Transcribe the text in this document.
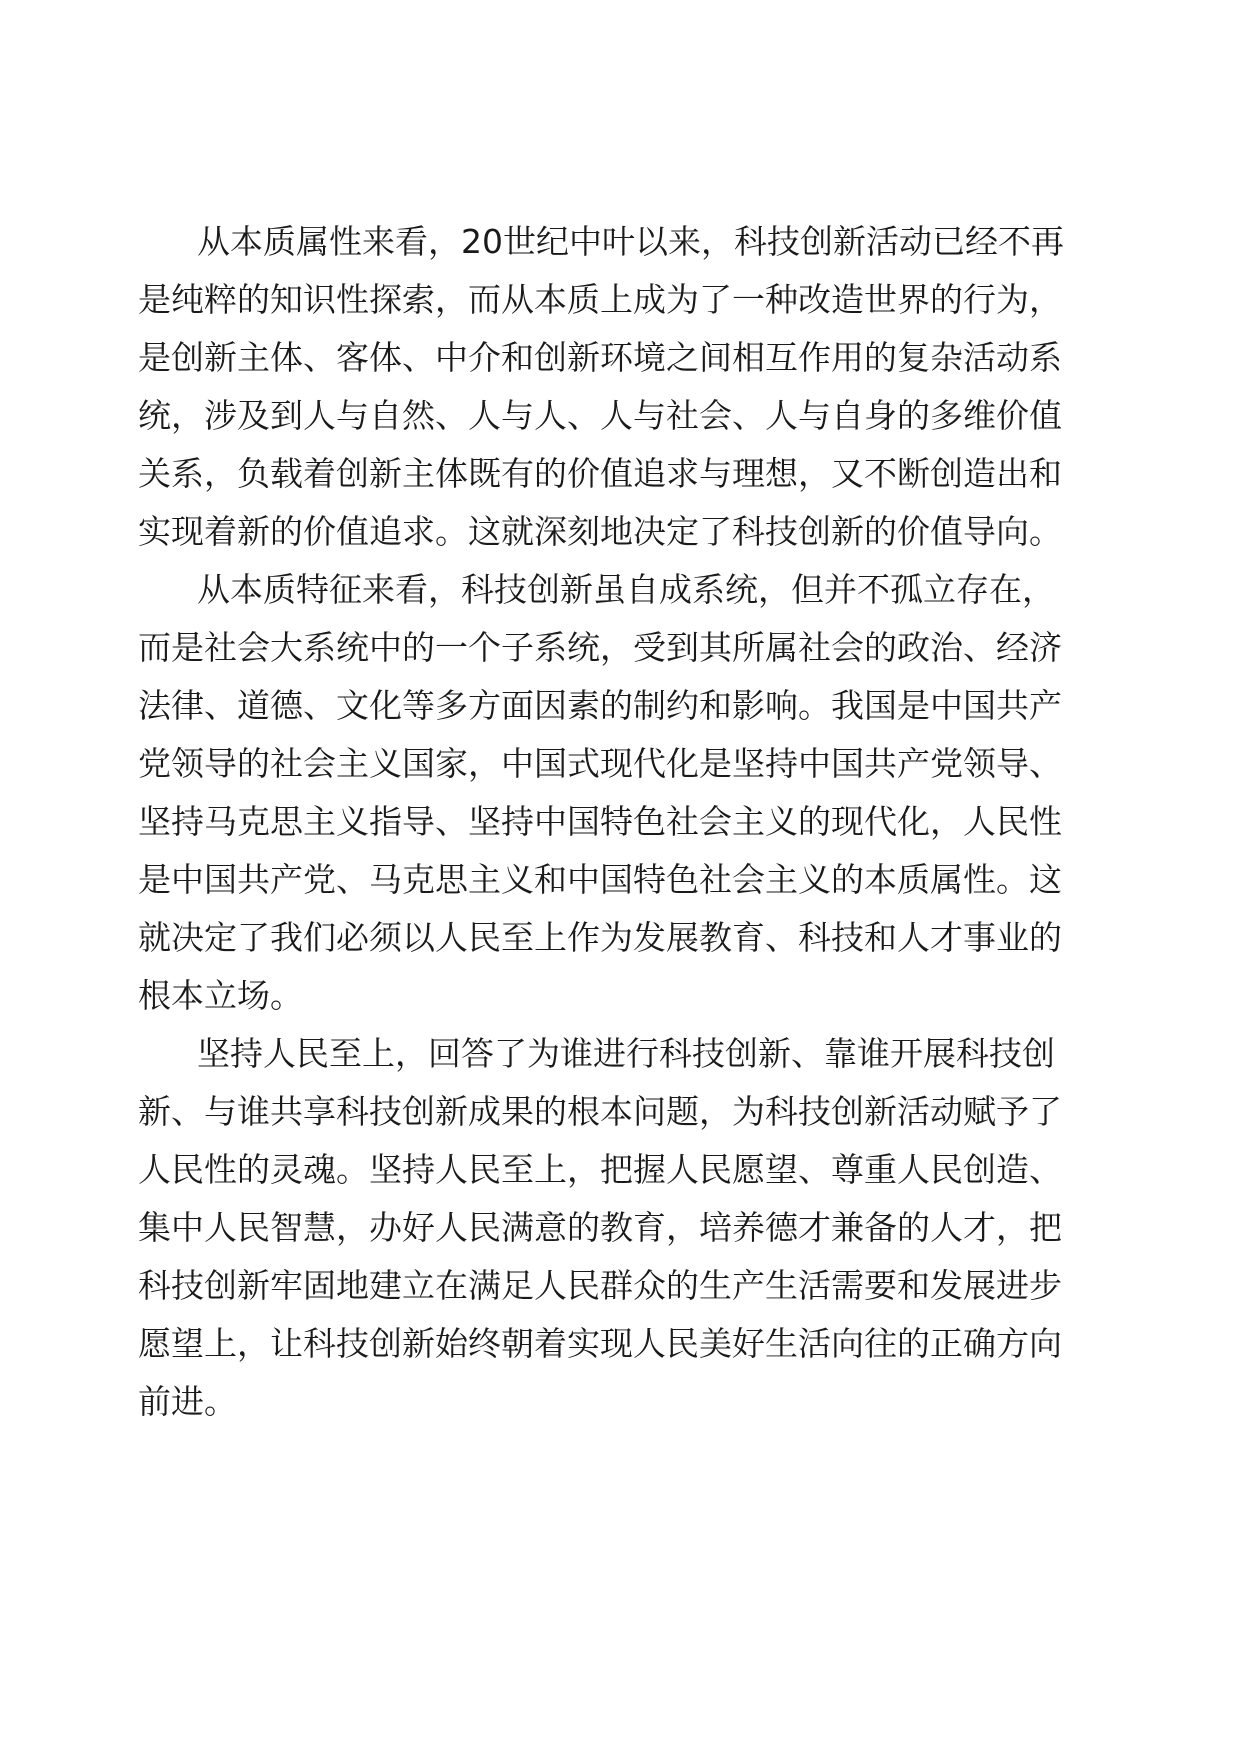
从本质属性来看，20世纪中叶以来，科技创新活动已经不再
是纯粹的知识性探索，而从本质上成为了一种改造世界的行为，
是创新主体、客体、中介和创新环境之间相互作用的复杂活动系
统，涉及到人与自然、人与人、人与社会、人与自身的多维价值
关系，负载着创新主体既有的价值追求与理想，又不断创造出和
实现着新的价值追求。这就深刻地决定了科技创新的价值导向。
从本质特征来看，科技创新虽自成系统，但并不孤立存在，
而是社会大系统中的一个子系统，受到其所属社会的政治、经济
法律、道德、文化等多方面因素的制约和影响。我国是中国共产
党领导的社会主义国家，中国式现代化是坚持中国共产党领导、
坚持马克思主义指导、坚持中国特色社会主义的现代化，人民性
是中国共产党、马克思主义和中国特色社会主义的本质属性。这
就决定了我们必须以人民至上作为发展教育、科技和人才事业的
根本立场。
坚持人民至上，回答了为谁进行科技创新、靠谁开展科技创
新、与谁共享科技创新成果的根本问题，为科技创新活动赋予了
人民性的灵魂。坚持人民至上，把握人民愿望、尊重人民创造、
集中人民智慧，办好人民满意的教育，培养德才兼备的人才，把
科技创新牢固地建立在满足人民群众的生产生活需要和发展进步
愿望上，让科技创新始终朝着实现人民美好生活向往的正确方向
前进。
